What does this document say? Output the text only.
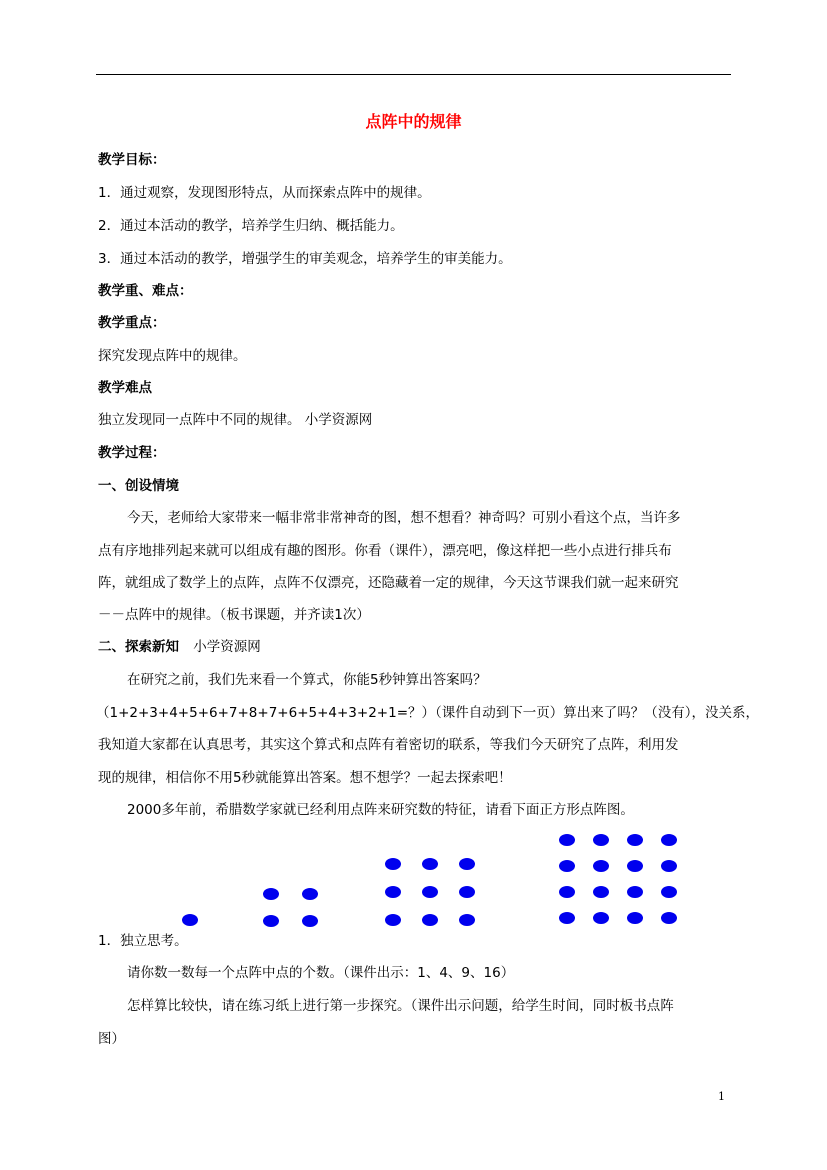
点阵中的规律
教学目标：
1．通过观察，发现图形特点，从而探索点阵中的规律。
2．通过本活动的教学，培养学生归纳、概括能力。
3．通过本活动的教学，增强学生的审美观念，培养学生的审美能力。
教学重、难点：
教学重点：
探究发现点阵中的规律。
教学难点
独立发现同一点阵中不同的规律。 小学资源网
教学过程：
一、创设情境
今天，老师给大家带来一幅非常非常神奇的图，想不想看？神奇吗？可别小看这个点，当许多
点有序地排列起来就可以组成有趣的图形。你看（课件），漂亮吧，像这样把一些小点进行排兵布
阵，就组成了数学上的点阵，点阵不仅漂亮，还隐藏着一定的规律，今天这节课我们就一起来研究
－－点阵中的规律。（板书课题，并齐读1次）
二、探索新知 小学资源网
在研究之前，我们先来看一个算式，你能5秒钟算出答案吗？
（1+2+3+4+5+6+7+8+7+6+5+4+3+2+1=？）（课件自动到下一页）算出来了吗？（没有），没关系，
我知道大家都在认真思考，其实这个算式和点阵有着密切的联系，等我们今天研究了点阵，利用发
现的规律，相信你不用5秒就能算出答案。想不想学？一起去探索吧！
2000多年前，希腊数学家就已经利用点阵来研究数的特征，请看下面正方形点阵图。
1．独立思考。
请你数一数每一个点阵中点的个数。（课件出示：1、4、9、16）
怎样算比较快，请在练习纸上进行第一步探究。（课件出示问题，给学生时间，同时板书点阵
图）
1
